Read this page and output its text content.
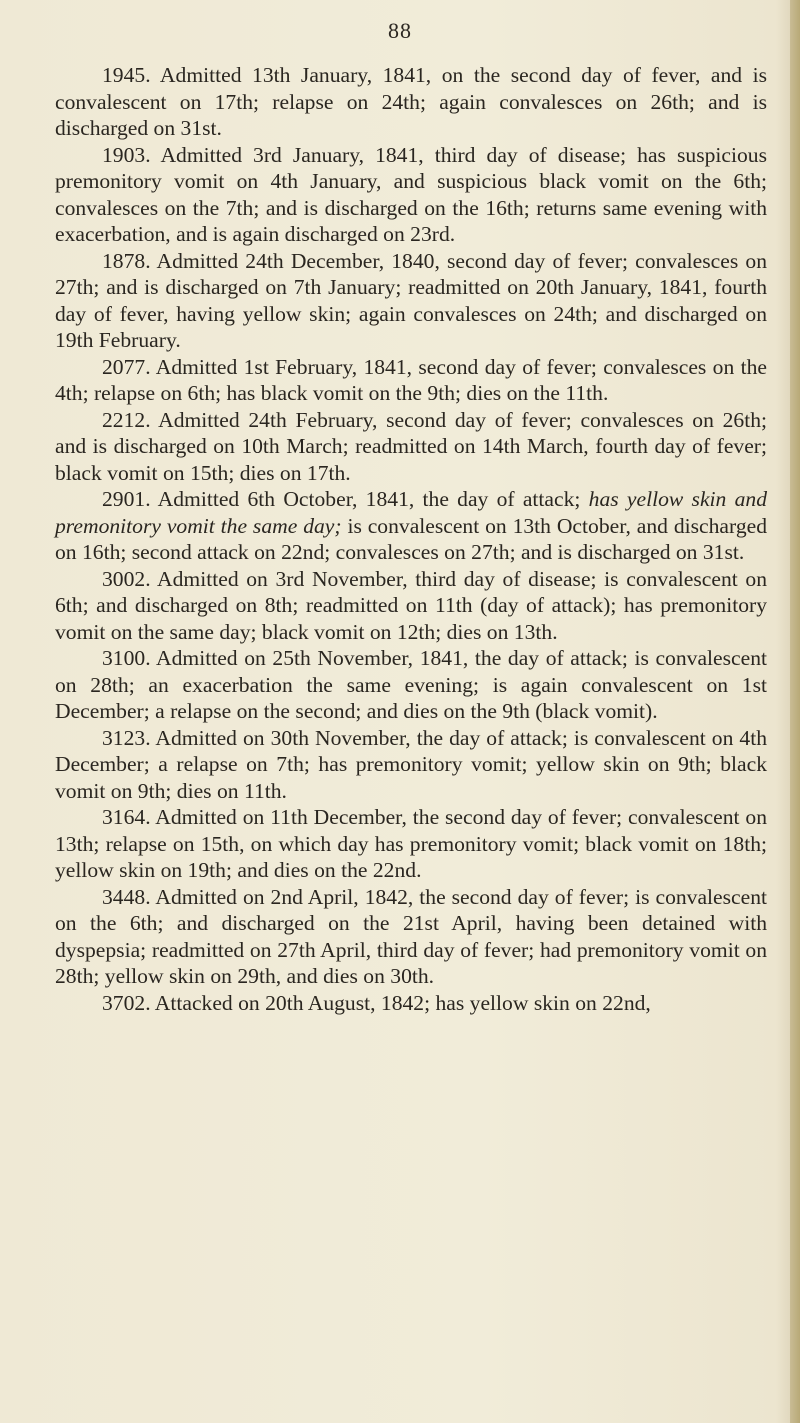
88

1945. Admitted 13th January, 1841, on the second day of fever, and is convalescent on 17th; relapse on 24th; again convalesces on 26th; and is discharged on 31st.

1903. Admitted 3rd January, 1841, third day of disease; has suspicious premonitory vomit on 4th January, and suspicious black vomit on the 6th; convalesces on the 7th; and is discharged on the 16th; returns same evening with exacerbation, and is again discharged on 23rd.

1878. Admitted 24th December, 1840, second day of fever; convalesces on 27th; and is discharged on 7th January; readmitted on 20th January, 1841, fourth day of fever, having yellow skin; again convalesces on 24th; and discharged on 19th February.

2077. Admitted 1st February, 1841, second day of fever; convalesces on the 4th; relapse on 6th; has black vomit on the 9th; dies on the 11th.

2212. Admitted 24th February, second day of fever; convalesces on 26th; and is discharged on 10th March; readmitted on 14th March, fourth day of fever; black vomit on 15th; dies on 17th.

2901. Admitted 6th October, 1841, the day of attack; has yellow skin and premonitory vomit the same day; is convalescent on 13th October, and discharged on 16th; second attack on 22nd; convalesces on 27th; and is discharged on 31st.

3002. Admitted on 3rd November, third day of disease; is convalescent on 6th; and discharged on 8th; readmitted on 11th (day of attack); has premonitory vomit on the same day; black vomit on 12th; dies on 13th.

3100. Admitted on 25th November, 1841, the day of attack; is convalescent on 28th; an exacerbation the same evening; is again convalescent on 1st December; a relapse on the second; and dies on the 9th (black vomit).

3123. Admitted on 30th November, the day of attack; is convalescent on 4th December; a relapse on 7th; has premonitory vomit; yellow skin on 9th; black vomit on 9th; dies on 11th.

3164. Admitted on 11th December, the second day of fever; convalescent on 13th; relapse on 15th, on which day has premonitory vomit; black vomit on 18th; yellow skin on 19th; and dies on the 22nd.

3448. Admitted on 2nd April, 1842, the second day of fever; is convalescent on the 6th; and discharged on the 21st April, having been detained with dyspepsia; readmitted on 27th April, third day of fever; had premonitory vomit on 28th; yellow skin on 29th, and dies on 30th.

3702. Attacked on 20th August, 1842; has yellow skin on 22nd,
